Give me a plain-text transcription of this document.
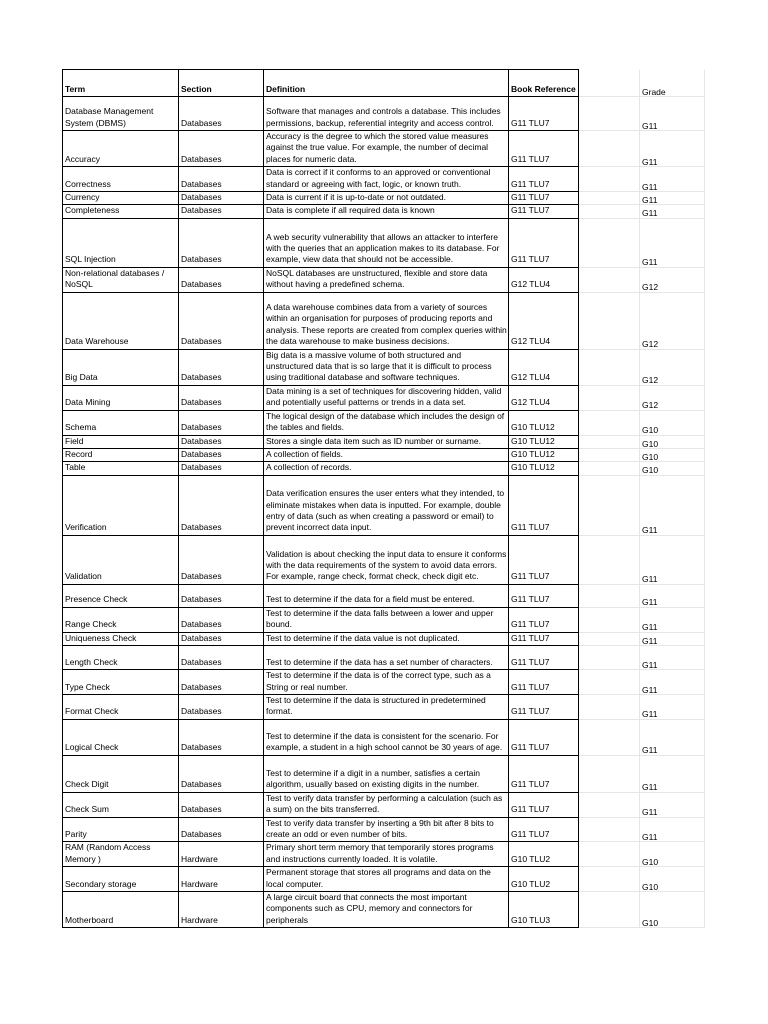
Term	Section	Definition	Book Reference		Grade
Database Management System (DBMS)	Databases	Software that manages and controls a database. This includes permissions, backup, referential integrity and access control.	G11 TLU7		G11
Accuracy	Databases	Accuracy is the degree to which the stored value measures against the true value. For example, the number of decimal places for numeric data.	G11 TLU7		G11
Correctness	Databases	Data is correct if it conforms to an approved or conventional standard or agreeing with fact, logic, or known truth.	G11 TLU7		G11
Currency	Databases	Data is current if it is up-to-date or not outdated.	G11 TLU7		G11
Completeness	Databases	Data is complete if all required data is known	G11 TLU7		G11
SQL Injection	Databases	A web security vulnerability that allows an attacker to interfere with the queries that an application makes to its database. For example, view data that should not be accessible.	G11 TLU7		G11
Non-relational databases / NoSQL	Databases	NoSQL databases are unstructured, flexible and store data without having a predefined schema.	G12 TLU4		G12
Data Warehouse	Databases	A data warehouse combines data from a variety of sources within an organisation for purposes of producing reports and analysis. These reports are created from complex queries within the data warehouse to make business decisions.	G12 TLU4		G12
Big Data	Databases	Big data is a massive volume of both structured and unstructured data that is so large that it is difficult to process using traditional database and software techniques.	G12 TLU4		G12
Data Mining	Databases	Data mining is a set of techniques for discovering hidden, valid and potentially useful patterns or trends in a data set.	G12 TLU4		G12
Schema	Databases	The logical design of the database which includes the design of the tables and fields.	G10 TLU12		G10
Field	Databases	Stores a single data item such as ID number or surname.	G10 TLU12		G10
Record	Databases	A collection of fields.	G10 TLU12		G10
Table	Databases	A collection of records.	G10 TLU12		G10
Verification	Databases	Data verification ensures the user enters what they intended, to eliminate mistakes when data is inputted. For example, double entry of data (such as when creating a password or email) to prevent incorrect data input.	G11 TLU7		G11
Validation	Databases	Validation is about checking the input data to ensure it conforms with the data requirements of the system to avoid data errors. For example, range check, format check, check digit etc.	G11 TLU7		G11
Presence Check	Databases	Test to determine if the data for a field must be entered.	G11 TLU7		G11
Range Check	Databases	Test to determine if the data falls between a lower and upper bound.	G11 TLU7		G11
Uniqueness Check	Databases	Test to determine if the data value is not duplicated.	G11 TLU7		G11
Length Check	Databases	Test to determine if the data has a set number of characters.	G11 TLU7		G11
Type Check	Databases	Test to determine if the data is of the correct type, such as a String or real number.	G11 TLU7		G11
Format Check	Databases	Test to determine if the data is structured in predetermined format.	G11 TLU7		G11
Logical Check	Databases	Test to determine if the data is consistent for the scenario. For example, a student in a high school cannot be 30 years of age.	G11 TLU7		G11
Check Digit	Databases	Test to determine if a digit in a number, satisfies a certain algorithm, usually based on existing digits in the number.	G11 TLU7		G11
Check Sum	Databases	Test to verify data transfer by performing a calculation (such as a sum) on the bits transferred.	G11 TLU7		G11
Parity	Databases	Test to verify data transfer by inserting a 9th bit after 8 bits to create an odd or even number of bits.	G11 TLU7		G11
RAM (Random Access Memory )	Hardware	Primary short term memory that temporarily stores programs and instructions currently loaded. It is volatile.	G10 TLU2		G10
Secondary storage	Hardware	Permanent storage that stores all programs and data on the local computer.	G10 TLU2		G10
Motherboard	Hardware	A large circuit board that connects the most important components such as CPU, memory and connectors for peripherals	G10 TLU3		G10
